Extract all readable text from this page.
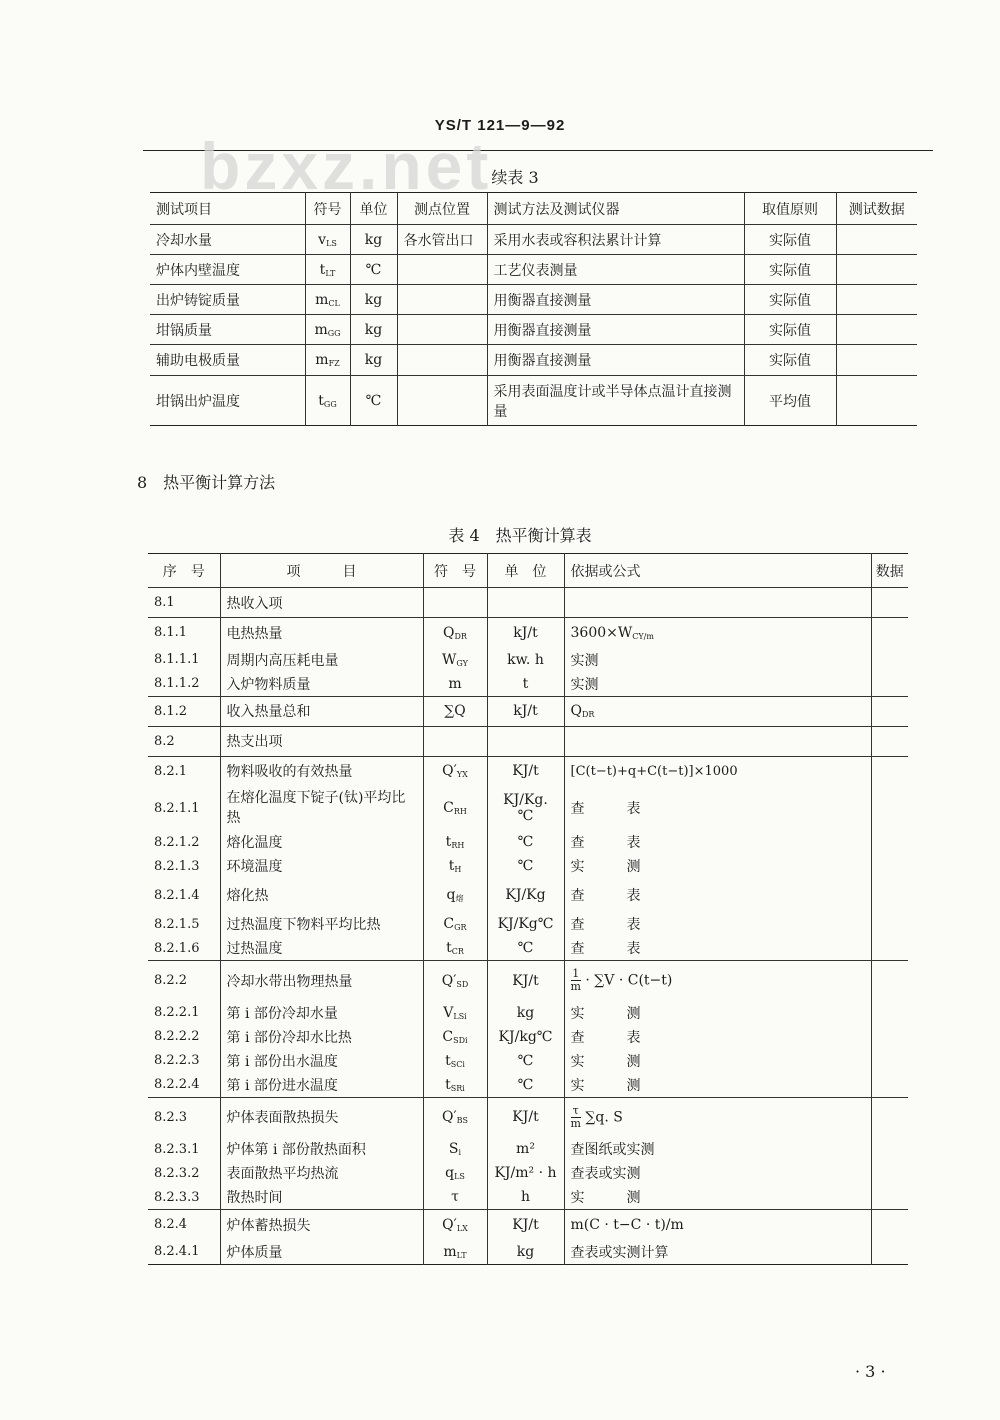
YS/T 121—9—92
bzxz.net 续表 3
测试项目	符号	单位	测点位置	测试方法及测试仪器	取值原则	测试数据
冷却水量	$v_{LS}$	kg	各水管出口	采用水表或容积法累计计算	实际值	
炉体内壁温度	$t_{LT}$	℃		工艺仪表测量	实际值	
出炉铸锭质量	$m_{CL}$	kg		用衡器直接测量	实际值	
坩锅质量	$m_{GG}$	kg		用衡器直接测量	实际值	
辅助电极质量	$m_{FZ}$	kg		用衡器直接测量	实际值	
坩锅出炉温度	$t_{GG}$	℃		采用表面温度计或半导体点温计直接测量	平均值	
8　热平衡计算方法
表 4　热平衡计算表
序　号	项　　　目	符　号	单　位	依据或公式	数据
8.1	热收入项				
8.1.1	电热热量	$Q_{DR}$	kJ/t	$3600\times W_{CY/m}$	
8.1.1.1	周期内高压耗电量	$W_{GY}$	kw. h	实测	
8.1.1.2	入炉物料质量	m	t	实测	
8.1.2	收入热量总和	∑Q	kJ/t	$Q_{DR}$	
8.2	热支出项				
8.2.1	物料吸收的有效热量	$Q'_{YX}$	KJ/t	[C(t−t)+q+C(t−t)]×1000	
8.2.1.1	在熔化温度下锭子(钛)平均比热	$C_{RH}$	KJ/Kg. ℃	查　　　表	
8.2.1.2	熔化温度	$t_{RH}$	℃	查　　　表	
8.2.1.3	环境温度	$t_H$	℃	实　　　测	
8.2.1.4	熔化热	$q_熔$	KJ/Kg	查　　　表	
8.2.1.5	过热温度下物料平均比热	$C_{GR}$	KJ/Kg℃	查　　　表	
8.2.1.6	过热温度	$t_{CR}$	℃	查　　　表	
8.2.2	冷却水带出物理热量	$Q'_{SD}$	KJ/t	$\frac{1}{m} \cdot \sum V \cdot C(t-t)$	
8.2.2.1	第 i 部份冷却水量	$V_{LSi}$	kg	实　　　测	
8.2.2.2	第 i 部份冷却水比热	$C_{SDi}$	KJ/kg℃	查　　　表	
8.2.2.3	第 i 部份出水温度	$t_{SCi}$	℃	实　　　测	
8.2.2.4	第 i 部份进水温度	$t_{SRi}$	℃	实　　　测	
8.2.3	炉体表面散热损失	$Q'_{BS}$	KJ/t	$\frac{\tau}{m} \sum q$. S	
8.2.3.1	炉体第 i 部份散热面积	$S_i$	m²	查图纸或实测	
8.2.3.2	表面散热平均热流	$q_{LS}$	KJ/m² · h	查表或实测	
8.2.3.3	散热时间	τ	h	实　　　测	
8.2.4	炉体蓄热损失	$Q'_{LX}$	KJ/t	m(C · t−C · t)/m	
8.2.4.1	炉体质量	$m_{LT}$	kg	查表或实测计算	
· 3 ·
